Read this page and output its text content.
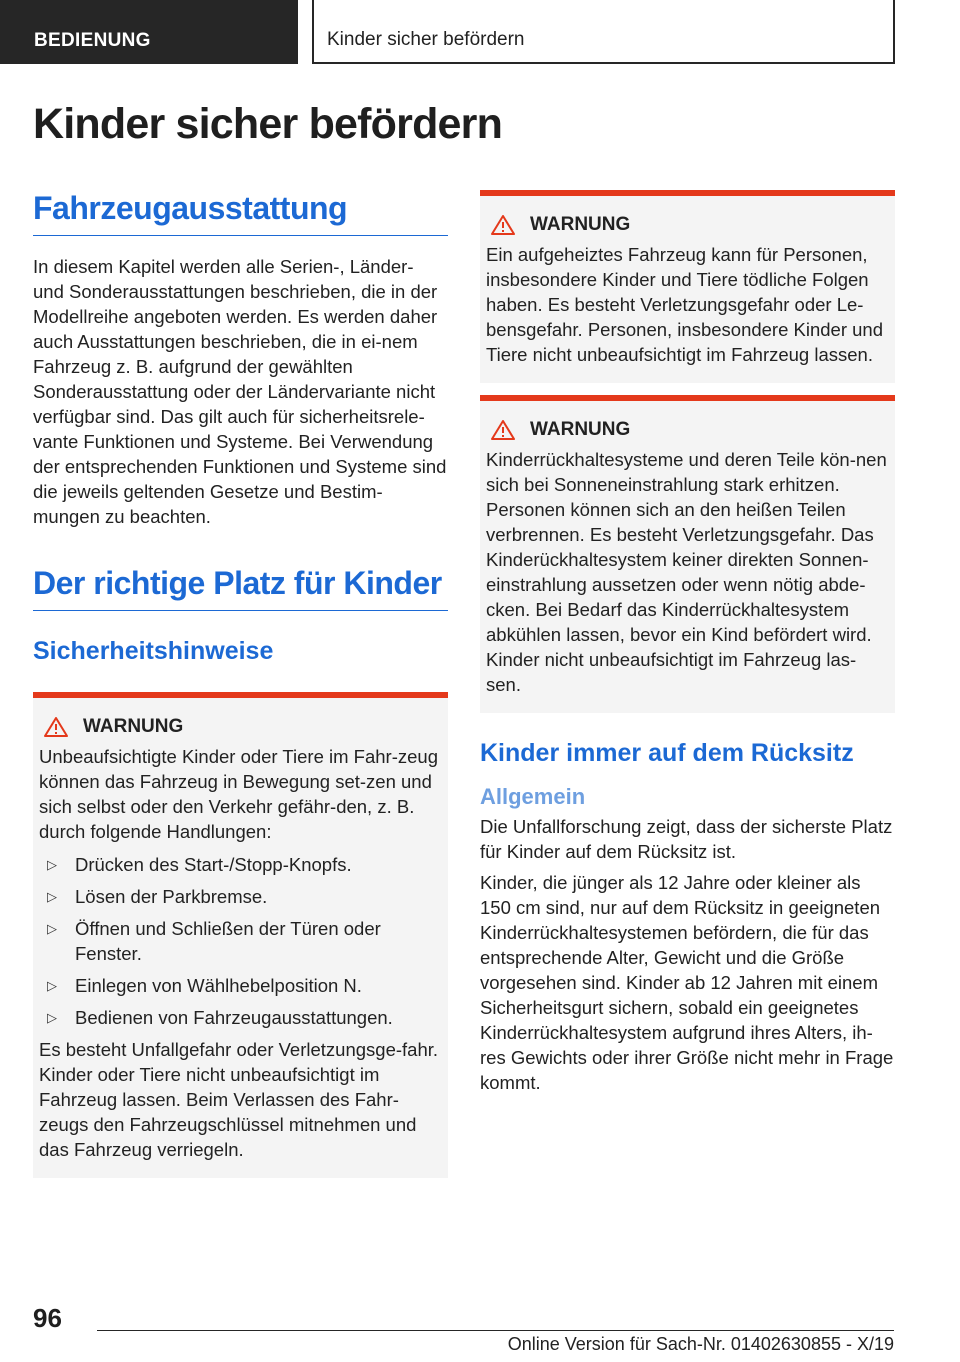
BEDIENUNG	Kinder sicher befördern
Kinder sicher befördern
Fahrzeugausstattung

In diesem Kapitel werden alle Serien-, Länder- und Sonderausstattungen beschrieben, die in der Modellreihe angeboten werden. Es werden daher auch Ausstattungen beschrieben, die in ei-nem Fahrzeug z. B. aufgrund der gewählten Sonderausstattung oder der Ländervariante nicht verfügbar sind. Das gilt auch für sicherheitsrele-vante Funktionen und Systeme. Bei Verwendung der entsprechenden Funktionen und Systeme sind die jeweils geltenden Gesetze und Bestim-mungen zu beachten.

Der richtige Platz für Kinder
Sicherheitshinweise
WARNUNG

Unbeaufsichtigte Kinder oder Tiere im Fahr-zeug können das Fahrzeug in Bewegung set-zen und sich selbst oder den Verkehr gefähr-den, z. B. durch folgende Handlungen:

▷ Drücken des Start-/Stopp-Knopfs.
▷ Lösen der Parkbremse.
▷ Öffnen und Schließen der Türen oder Fenster.
▷ Einlegen von Wählhebelposition N.
▷ Bedienen von Fahrzeugausstattungen.

Es besteht Unfallgefahr oder Verletzungsge-fahr. Kinder oder Tiere nicht unbeaufsichtigt im Fahrzeug lassen. Beim Verlassen des Fahr-zeugs den Fahrzeugschlüssel mitnehmen und das Fahrzeug verriegeln.

WARNUNG

Ein aufgeheiztes Fahrzeug kann für Personen, insbesondere Kinder und Tiere tödliche Folgen haben. Es besteht Verletzungsgefahr oder Le-bensgefahr. Personen, insbesondere Kinder und Tiere nicht unbeaufsichtigt im Fahrzeug lassen.

WARNUNG

Kinderrückhaltesysteme und deren Teile kön-nen sich bei Sonneneinstrahlung stark erhitzen. Personen können sich an den heißen Teilen verbrennen. Es besteht Verletzungsgefahr. Das Kinderückhaltesystem keiner direkten Sonnen-einstrahlung aussetzen oder wenn nötig abde-cken. Bei Bedarf das Kinderrückhaltesystem abkühlen lassen, bevor ein Kind befördert wird. Kinder nicht unbeaufsichtigt im Fahrzeug las-sen.

Kinder immer auf dem Rücksitz
Allgemein

Die Unfallforschung zeigt, dass der sicherste Platz für Kinder auf dem Rücksitz ist.

Kinder, die jünger als 12 Jahre oder kleiner als 150 cm sind, nur auf dem Rücksitz in geeigneten Kinderrückhaltesystemen befördern, die für das entsprechende Alter, Gewicht und die Größe vorgesehen sind. Kinder ab 12 Jahren mit einem Sicherheitsgurt sichern, sobald ein geeignetes Kinderrückhaltesystem aufgrund ihres Alters, ih-res Gewichts oder ihrer Größe nicht mehr in Frage kommt.

96
Online Version für Sach-Nr. 01402630855 - X/19
